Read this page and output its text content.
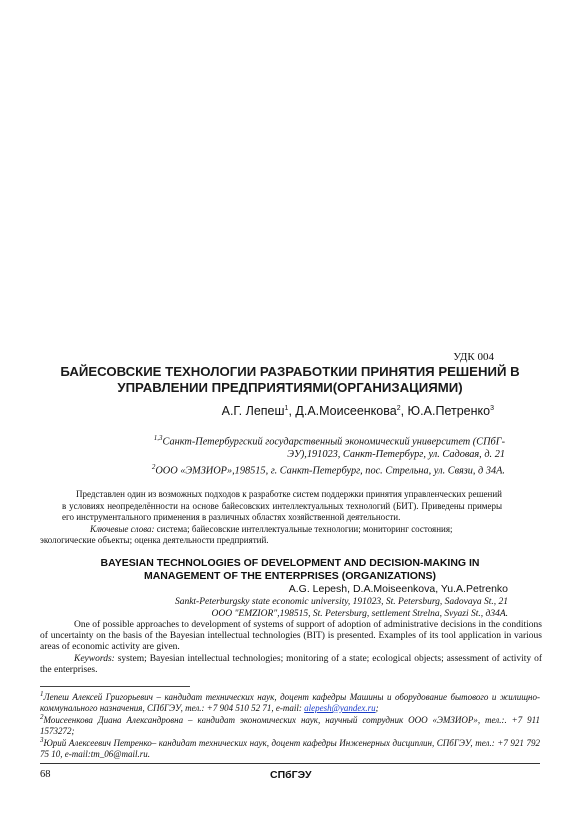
УДК 004
БАЙЕСОВСКИЕ ТЕХНОЛОГИИ РАЗРАБОТКИИ ПРИНЯТИЯ РЕШЕНИЙ В
УПРАВЛЕНИИ ПРЕДПРИЯТИЯМИ(ОРГАНИЗАЦИЯМИ)
А.Г. Лепеш$^1$, Д.А.Моисеенкова$^2$, Ю.А.Петренко$^3$
$^{1,3}$Санкт-Петербургский государственный экономический университет (СПбГ-
ЭУ),191023, Санкт-Петербург, ул. Садовая, д. 21
$^2$ООО «ЭМЗИОР»,198515, г. Санкт-Петербург, пос. Стрельна, ул. Связи, д 34А.
Представлен один из возможных подходов к разработке систем поддержки принятия управленческих решений в условиях неопределённости на основе байесовских интеллектуальных технологий (БИТ). Приведены примеры его инструментального применения в различных областях хозяйственной деятельности.
Ключевые слова: система; байесовские интеллектуальные технологии; мониторинг состояния;
экологические объекты; оценка деятельности предприятий.
BAYESIAN TECHNOLOGIES OF DEVELOPMENT AND DECISION-MAKING IN
MANAGEMENT OF THE ENTERPRISES (ORGANIZATIONS)
A.G. Lepesh, D.A.Moiseenkova, Yu.A.Petrenko
Sankt-Peterburgsky state economic university, 191023, St. Petersburg, Sadovaya St., 21
OOO "EMZIOR",198515, St. Petersburg, settlement Strelna, Svyazi St., д34A.
One of possible approaches to development of systems of support of adoption of administrative decisions in the conditions of uncertainty on the basis of the Bayesian intellectual technologies (BIT) is presented. Examples of its tool application in various areas of economic activity are given.
Keywords: system; Bayesian intellectual technologies; monitoring of a state; ecological objects; assessment of activity of the enterprises.
$^1$Лепеш Алексей Григорьевич – кандидат технических наук, доцент кафедры Машины и оборудование бытового и жилищно-коммунального назначения, СПбГЭУ, тел.: +7 904 510 52 71, e-mail: alepesh@yandex.ru;
$^2$Моисеенкова Диана Александровна – кандидат экономических наук, научный сотрудник ООО «ЭМЗИОР», тел.:. +7 911 1573272;
$^3$Юрий Алексеевич Петренко– кандидат технических наук, доцент кафедры Инженерных дисциплин, СПбГЭУ, тел.: +7 921 792 75 10, e-mail:tm_06@mail.ru.
68	СПбГЭУ
